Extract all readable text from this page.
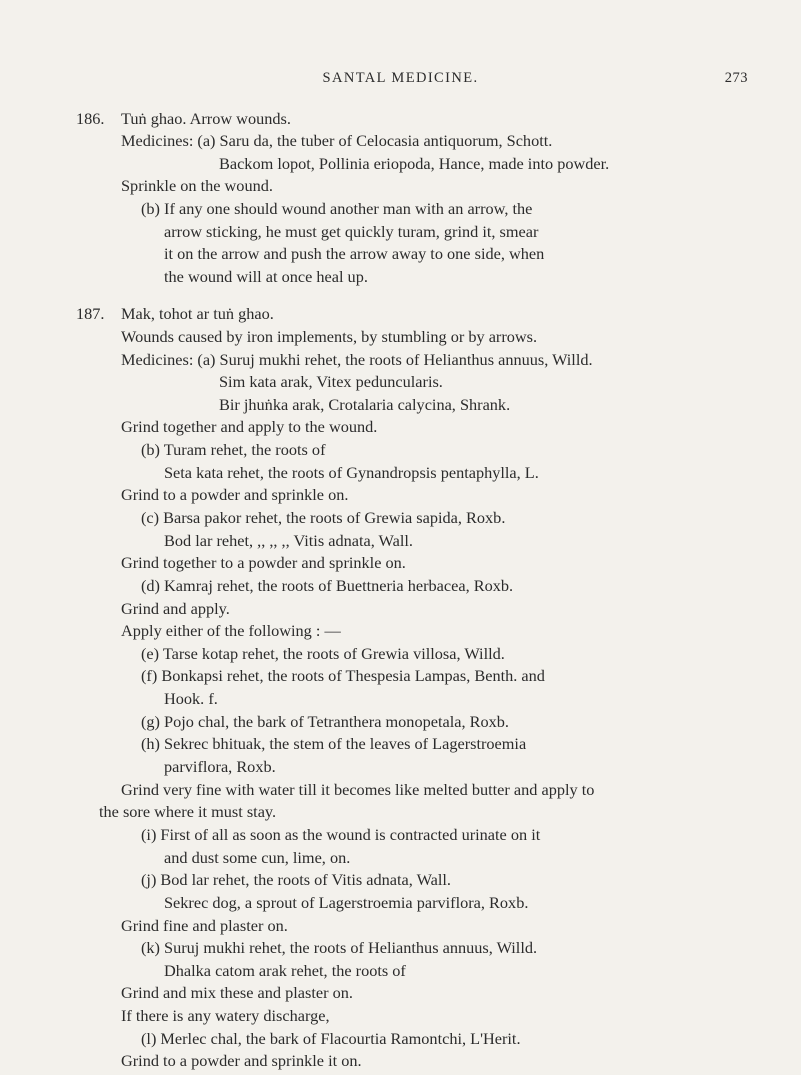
SANTAL MEDICINE.	273
186. Tuṅ ghao. Arrow wounds.
Medicines: (a) Saru da, the tuber of Celocasia antiquorum, Schott.
Backom lopot, Pollinia eriopoda, Hance, made into powder.
Sprinkle on the wound.
(b) If any one should wound another man with an arrow, the
arrow sticking, he must get quickly turam, grind it, smear
it on the arrow and push the arrow away to one side, when
the wound will at once heal up.
187. Mak, tohot ar tuṅ ghao.
Wounds caused by iron implements, by stumbling or by arrows.
Medicines: (a) Suruj mukhi rehet, the roots of Helianthus annuus, Willd.
Sim kata arak, Vitex peduncularis.
Bir jhuṅka arak, Crotalaria calycina, Shrank.
Grind together and apply to the wound.
(b) Turam rehet, the roots of
Seta kata rehet, the roots of Gynandropsis pentaphylla, L.
Grind to a powder and sprinkle on.
(c) Barsa pakor rehet, the roots of Grewia sapida, Roxb.
Bod lar rehet, ,, ,, ,, Vitis adnata, Wall.
Grind together to a powder and sprinkle on.
(d) Kamraj rehet, the roots of Buettneria herbacea, Roxb.
Grind and apply.
Apply either of the following : —
(e) Tarse kotap rehet, the roots of Grewia villosa, Willd.
(f) Bonkapsi rehet, the roots of Thespesia Lampas, Benth. and
Hook. f.
(g) Pojo chal, the bark of Tetranthera monopetala, Roxb.
(h) Sekrec bhituak, the stem of the leaves of Lagerstroemia
parviflora, Roxb.
Grind very fine with water till it becomes like melted butter and apply to
the sore where it must stay.
(i) First of all as soon as the wound is contracted urinate on it
and dust some cun, lime, on.
(j) Bod lar rehet, the roots of Vitis adnata, Wall.
Sekrec dog, a sprout of Lagerstroemia parviflora, Roxb.
Grind fine and plaster on.
(k) Suruj mukhi rehet, the roots of Helianthus annuus, Willd.
Dhalka catom arak rehet, the roots of
Grind and mix these and plaster on.
If there is any watery discharge,
(l) Merlec chal, the bark of Flacourtia Ramontchi, L'Herit.
Grind to a powder and sprinkle it on.
